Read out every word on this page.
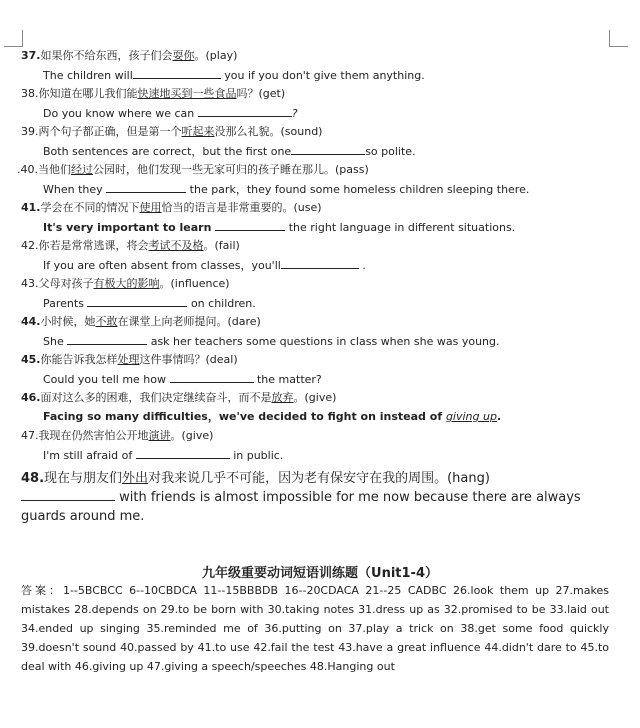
37.如果你不给东西，孩子们会耍你。(play)
The children will	you if you don't give them anything.
38.你知道在哪儿我们能快速地买到一些食品吗？(get)
Do you know where we can	?
39.两个句子都正确，但是第一个听起来没那么礼貌。(sound)
Both sentences are correct，but the first one	so polite.
.40.当他们经过公园时，他们发现一些无家可归的孩子睡在那儿。(pass)
When they	the park，they found some homeless children sleeping there.
41.学会在不同的情况下使用恰当的语言是非常重要的。(use)
It's very important to learn	the right language in different situations.
42.你若是常常逃课，将会考试不及格。(fail)
If you are often absent from classes，you'll	.
43.父母对孩子有极大的影响。(influence)
Parents	on children.
44.小时候，她不敢在课堂上向老师提问。(dare)
She	ask her teachers some questions in class when she was young.
45.你能告诉我怎样处理这件事情吗？(deal)
Could you tell me how	the matter?
46.面对这么多的困难，我们决定继续奋斗，而不是放弃。(give)
Facing so many difficulties，we've decided to fight on instead of giving up.
47.我现在仍然害怕公开地演讲。(give)
I'm still afraid of	in public.
48.现在与朋友们外出对我来说几乎不可能，因为老有保安守在我的周围。(hang)
with friends is almost impossible for me now because there are always guards around me.
九年级重要动词短语训练题（Unit1-4）
答案：1--5BCBCC 6--10CBDCA 11--15BBBDB 16--20CDACA 21--25 CADBC 26.look them up 27.makes mistakes 28.depends on 29.to be born with 30.taking notes 31.dress up as 32.promised to be 33.laid out 34.ended up singing 35.reminded me of 36.putting on 37.play a trick on 38.get some food quickly 39.doesn't sound 40.passed by 41.to use 42.fail the test 43.have a great influence 44.didn't dare to 45.to deal with 46.giving up 47.giving a speech/speeches 48.Hanging out
